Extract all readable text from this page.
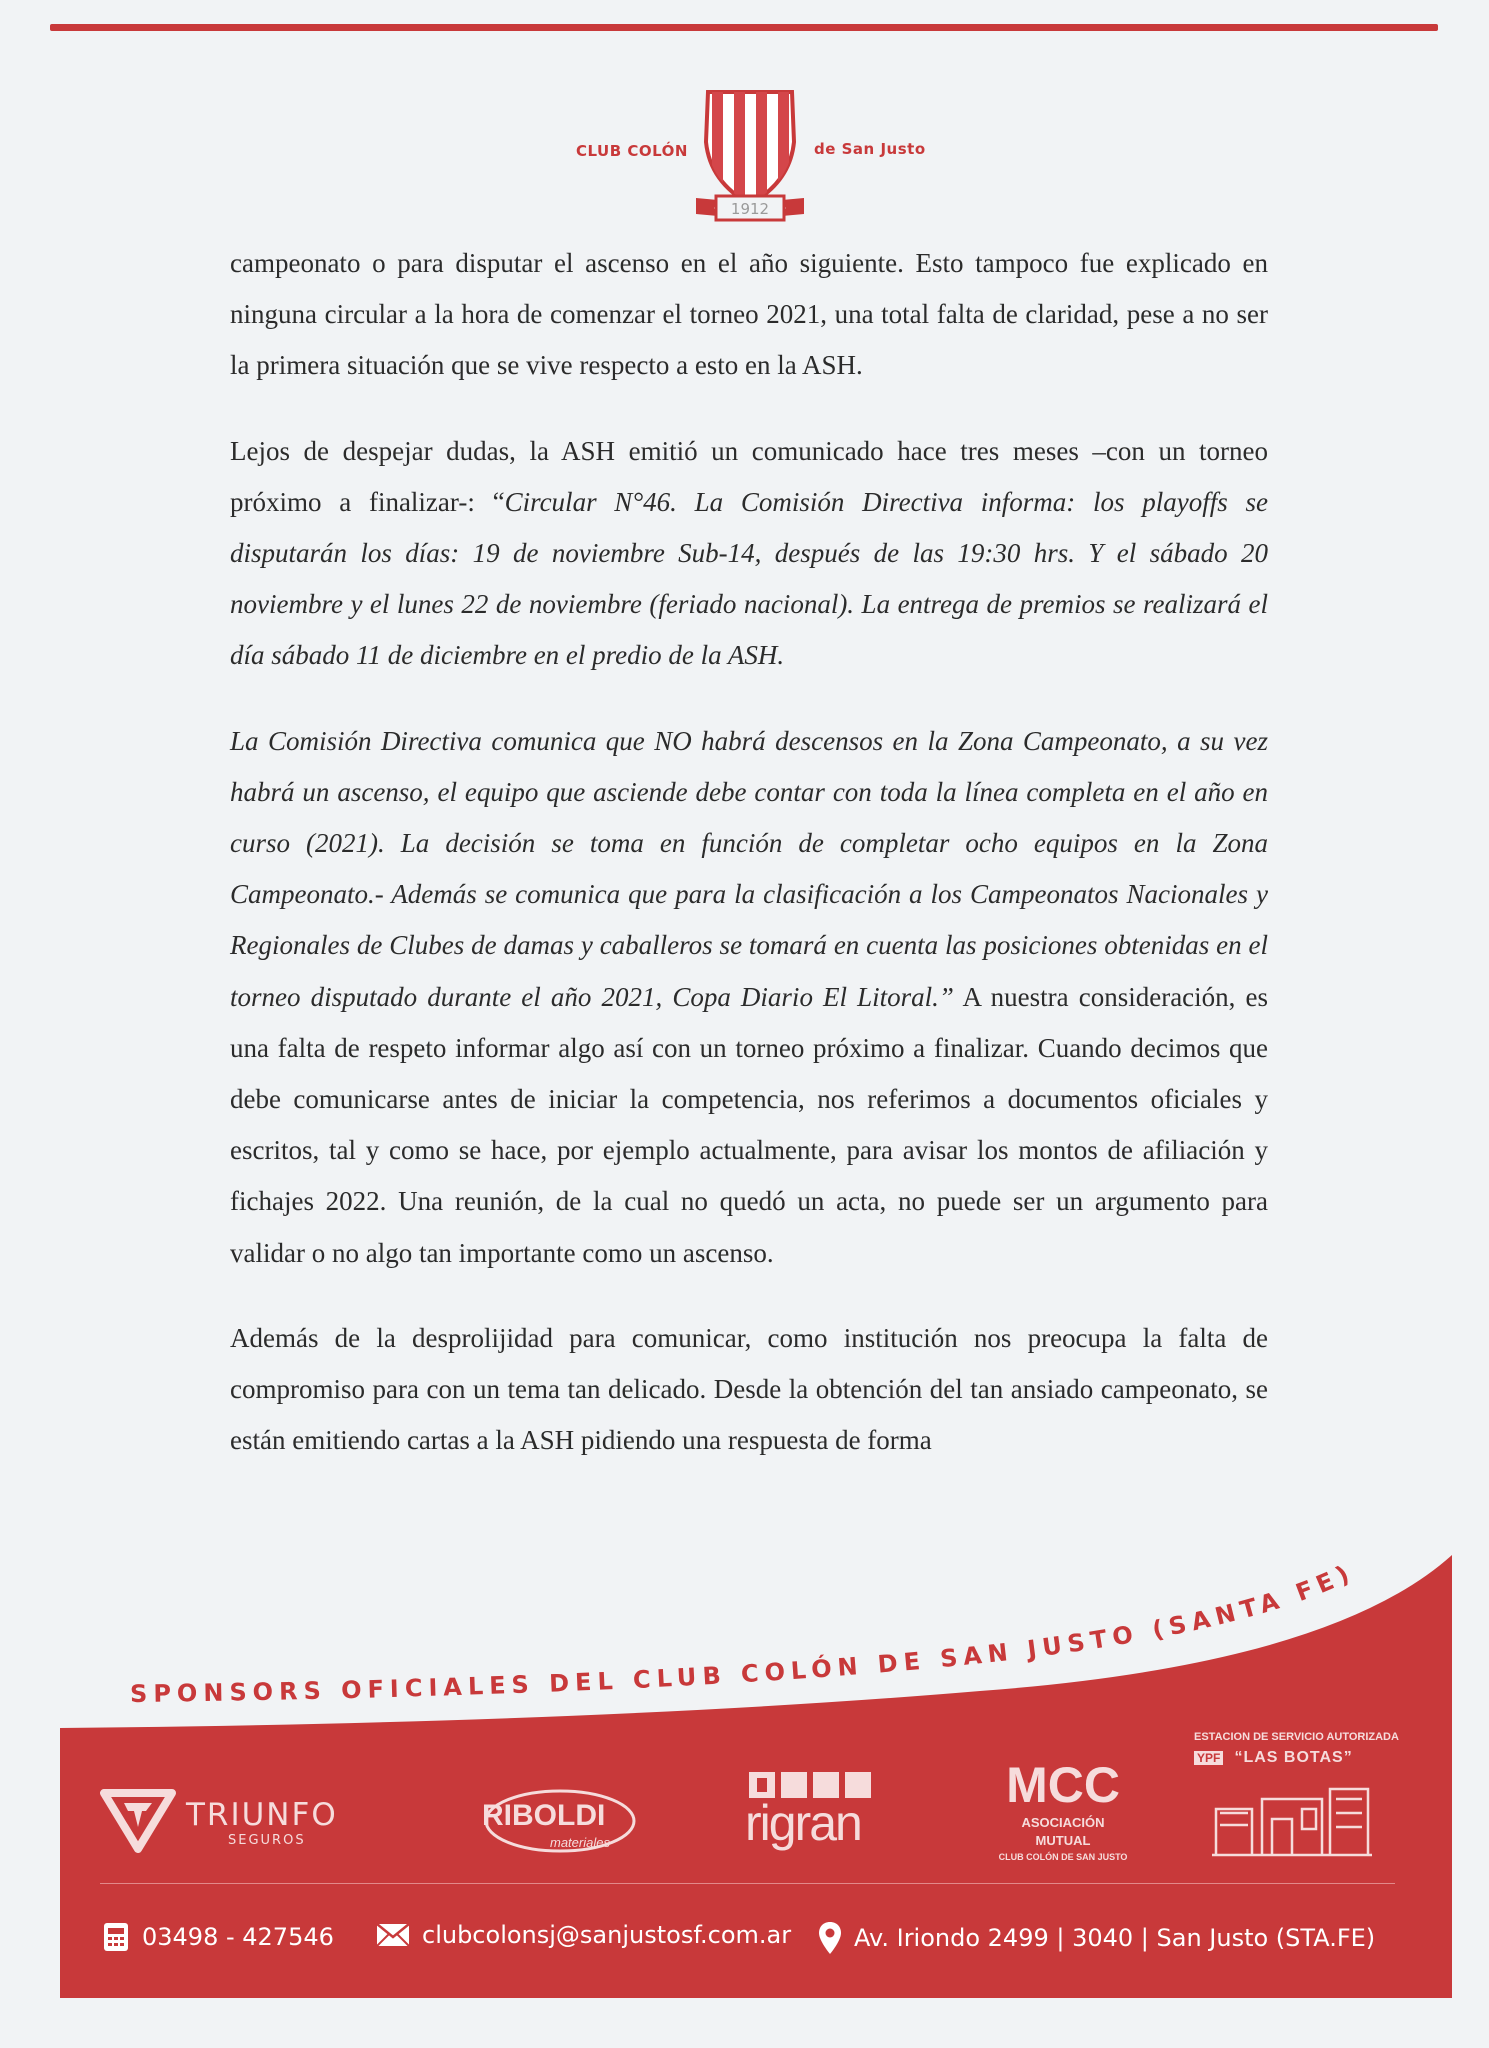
CLUB COLÓN
1912
de San Justo

campeonato o para disputar el ascenso en el año siguiente. Esto tampoco fue explicado en ninguna circular a la hora de comenzar el torneo 2021, una total falta de claridad, pese a no ser la primera situación que se vive respecto a esto en la ASH.

Lejos de despejar dudas, la ASH emitió un comunicado hace tres meses –con un torneo próximo a finalizar-: “Circular N°46. La Comisión Directiva informa: los playoffs se disputarán los días: 19 de noviembre Sub-14, después de las 19:30 hrs. Y el sábado 20 noviembre y el lunes 22 de noviembre (feriado nacional). La entrega de premios se realizará el día sábado 11 de diciembre en el predio de la ASH.

La Comisión Directiva comunica que NO habrá descensos en la Zona Campeonato, a su vez habrá un ascenso, el equipo que asciende debe contar con toda la línea completa en el año en curso (2021). La decisión se toma en función de completar ocho equipos en la Zona Campeonato.- Además se comunica que para la clasificación a los Campeonatos Nacionales y Regionales de Clubes de damas y caballeros se tomará en cuenta las posiciones obtenidas en el torneo disputado durante el año 2021, Copa Diario El Litoral.” A nuestra consideración, es una falta de respeto informar algo así con un torneo próximo a finalizar. Cuando decimos que debe comunicarse antes de iniciar la competencia, nos referimos a documentos oficiales y escritos, tal y como se hace, por ejemplo actualmente, para avisar los montos de afiliación y fichajes 2022. Una reunión, de la cual no quedó un acta, no puede ser un argumento para validar o no algo tan importante como un ascenso.

Además de la desprolijidad para comunicar, como institución nos preocupa la falta de compromiso para con un tema tan delicado. Desde la obtención del tan ansiado campeonato, se están emitiendo cartas a la ASH pidiendo una respuesta de forma

SPONSORS OFICIALES DEL CLUB COLÓN DE SAN JUSTO (SANTA FE)
TRIUNFO
SEGUROS
RIBOLDI
materiales	rigran
MCC
ASOCIACIÓN MUTUAL
CLUB COLÓN DE SAN JUSTO
ESTACION DE SERVICIO AUTORIZADA
YPF “LAS BOTAS”
03498 - 427546	clubcolonsj@sanjustosf.com.ar	Av. Iriondo 2499 | 3040 | San Justo (STA.FE)
